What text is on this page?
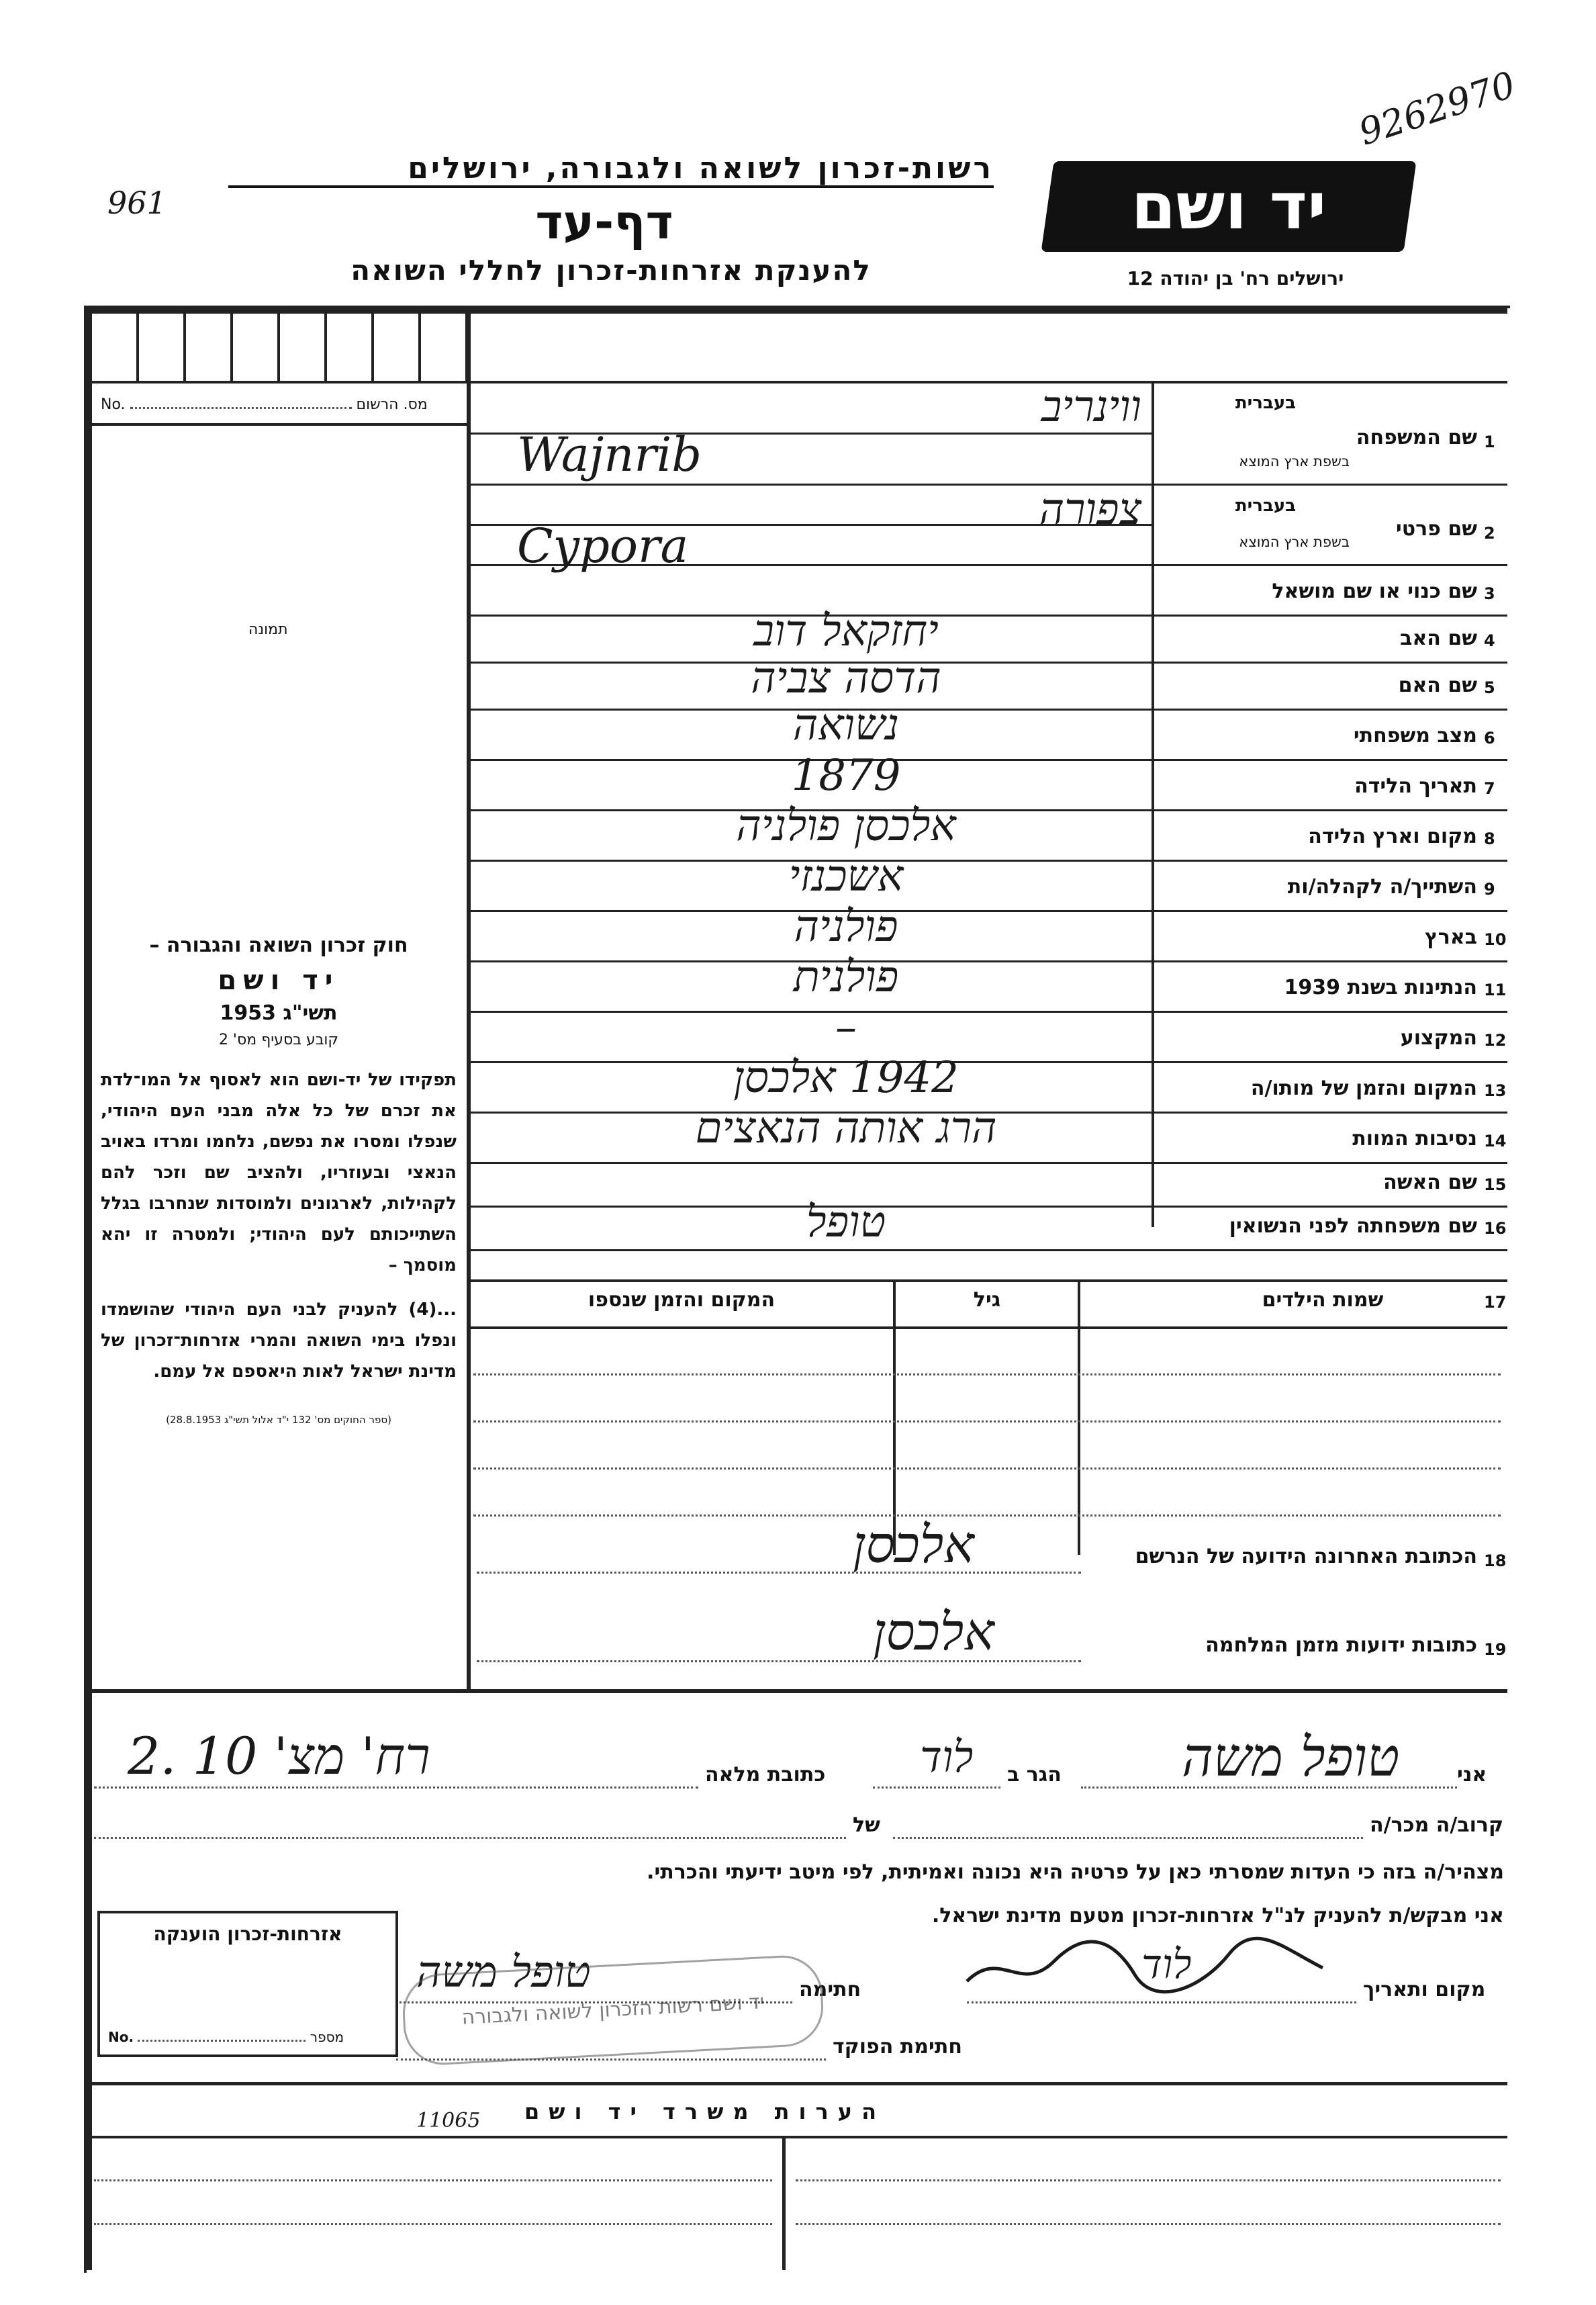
9262970
961
רשות-זכרון לשואה ולגבורה, ירושלים
דף-עד
להענקת אזרחות-זכרון לחללי השואה
יד ושם
ירושלים רח' בן יהודה 12
No.	מס. הרשום
תמונה
חוק זכרון השואה והגבורה –
יד ושם
תשי"ג 1953
קובע בסעיף מס' 2
תפקידו של יד-ושם הוא לאסוף אל המו־לדת את זכרם של כל אלה מבני העם היהודי, שנפלו ומסרו את נפשם, נלחמו ומרדו באויב הנאצי ובעוזריו, ולהציב שם וזכר להם לקהילות, לארגונים ולמוסדות שנחרבו בגלל השתייכותם לעם היהודי; ולמטרה זו יהא מוסמך –
...(4) להעניק לבני העם היהודי שהושמדו ונפלו בימי השואה והמרי אזרחות־זכרון של מדינת ישראל לאות היאספם אל עמם.
(ספר החוקים מס' 132 י"ד אלול תשי"ג 28.8.1953)
1
שם המשפחה
בעברית
בשפת ארץ המוצא
ווינריב
Wajnrib
2
שם פרטי
בעברית
בשפת ארץ המוצא
צפורה
Cypora
3
שם כנוי או שם מושאל
4
שם האב
יחזקאל דוב
5
שם האם
הדסה צביה
6
מצב משפחתי
נשואה
7
תאריך הלידה
1879
8
מקום וארץ הלידה
אלכסן פולניה
9
השתייך/ה לקהלה/ות
אשכנזי
10
בארץ
פולניה
11
הנתינות בשנת 1939
פולנית
12
המקצוע
–
13
המקום והזמן של מותו/ה
1942 אלכסן
14
נסיבות המוות
הרג אותה הנאצים
15
שם האשה
16
שם משפחתה לפני הנשואין
טופל
17
שמות הילדים
גיל
המקום והזמן שנספו
18
הכתובת האחרונה הידועה של הנרשם
אלכסן
19
כתובות ידועות מזמן המלחמה
אלכסן
אני
טופל משה
הגר ב
לוד
כתובת מלאה
רח' מצ' 10 .2
קרוב/ה מכר/ה
של
מצהיר/ה בזה כי העדות שמסרתי כאן על פרטיה היא נכונה ואמיתית, לפי מיטב ידיעתי והכרתי.
אני מבקש/ת להעניק לנ"ל אזרחות-זכרון מטעם מדינת ישראל.
מקום ותאריך
לוד
חתימה
טופל משה
חתימת הפוקד
יד ושם רשות הזכרון לשואה ולגבורה
אזרחות-זכרון הוענקה
No.	מספר
הערות משרד יד ושם
11065
